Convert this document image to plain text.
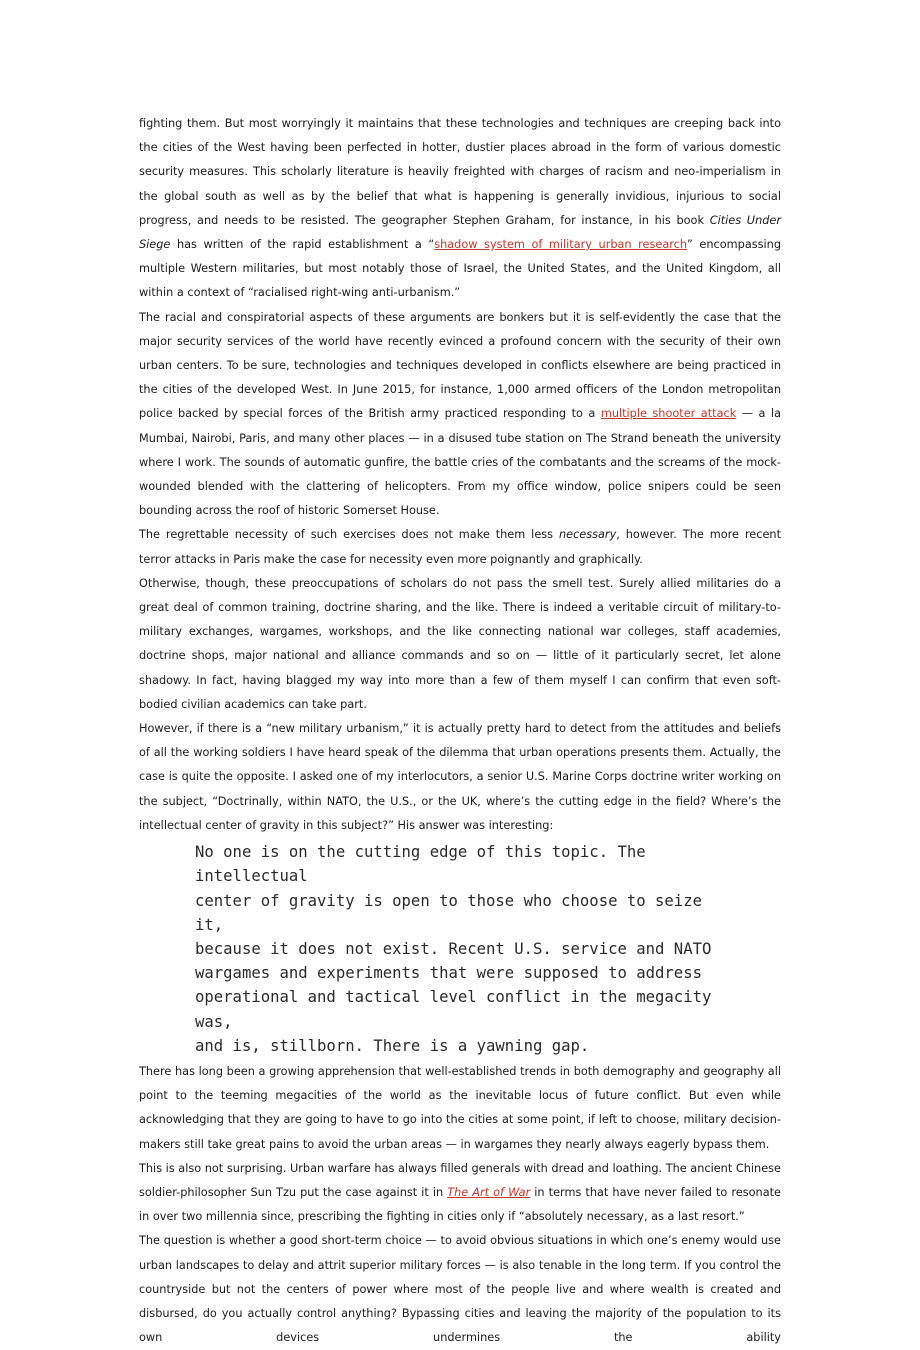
fighting them. But most worryingly it maintains that these technologies and techniques are creeping back into the cities of the West having been perfected in hotter, dustier places abroad in the form of various domestic security measures. This scholarly literature is heavily freighted with charges of racism and neo-imperialism in the global south as well as by the belief that what is happening is generally invidious, injurious to social progress, and needs to be resisted. The geographer Stephen Graham, for instance, in his book Cities Under Siege has written of the rapid establishment a “shadow system of military urban research” encompassing multiple Western militaries, but most notably those of Israel, the United States, and the United Kingdom, all within a context of “racialised right-wing anti-urbanism.”

The racial and conspiratorial aspects of these arguments are bonkers but it is self-evidently the case that the major security services of the world have recently evinced a profound concern with the security of their own urban centers. To be sure, technologies and techniques developed in conflicts elsewhere are being practiced in the cities of the developed West. In June 2015, for instance, 1,000 armed officers of the London metropolitan police backed by special forces of the British army practiced responding to a multiple shooter attack — a la Mumbai, Nairobi, Paris, and many other places — in a disused tube station on The Strand beneath the university where I work. The sounds of automatic gunfire, the battle cries of the combatants and the screams of the mock-wounded blended with the clattering of helicopters. From my office window, police snipers could be seen bounding across the roof of historic Somerset House.

The regrettable necessity of such exercises does not make them less necessary, however. The more recent terror attacks in Paris make the case for necessity even more poignantly and graphically.

Otherwise, though, these preoccupations of scholars do not pass the smell test. Surely allied militaries do a great deal of common training, doctrine sharing, and the like. There is indeed a veritable circuit of military-to-military exchanges, wargames, workshops, and the like connecting national war colleges, staff academies, doctrine shops, major national and alliance commands and so on — little of it particularly secret, let alone shadowy. In fact, having blagged my way into more than a few of them myself I can confirm that even soft-bodied civilian academics can take part.

However, if there is a “new military urbanism,” it is actually pretty hard to detect from the attitudes and beliefs of all the working soldiers I have heard speak of the dilemma that urban operations presents them. Actually, the case is quite the opposite. I asked one of my interlocutors, a senior U.S. Marine Corps doctrine writer working on the subject, “Doctrinally, within NATO, the U.S., or the UK, where’s the cutting edge in the field? Where’s the intellectual center of gravity in this subject?” His answer was interesting:

No one is on the cutting edge of this topic. The intellectual
center of gravity is open to those who choose to seize it,
because it does not exist. Recent U.S. service and NATO
wargames and experiments that were supposed to address
operational and tactical level conflict in the megacity was,
and is, stillborn. There is a yawning gap.

There has long been a growing apprehension that well-established trends in both demography and geography all point to the teeming megacities of the world as the inevitable locus of future conflict. But even while acknowledging that they are going to have to go into the cities at some point, if left to choose, military decision-makers still take great pains to avoid the urban areas — in wargames they nearly always eagerly bypass them.

This is also not surprising. Urban warfare has always filled generals with dread and loathing. The ancient Chinese soldier-philosopher Sun Tzu put the case against it in The Art of War in terms that have never failed to resonate in over two millennia since, prescribing the fighting in cities only if “absolutely necessary, as a last resort.”

The question is whether a good short-term choice — to avoid obvious situations in which one’s enemy would use urban landscapes to delay and attrit superior military forces — is also tenable in the long term. If you control the countryside but not the centers of power where most of the people live and where wealth is created and disbursed, do you actually control anything? Bypassing cities and leaving the majority of the population to its own devices undermines the ability
